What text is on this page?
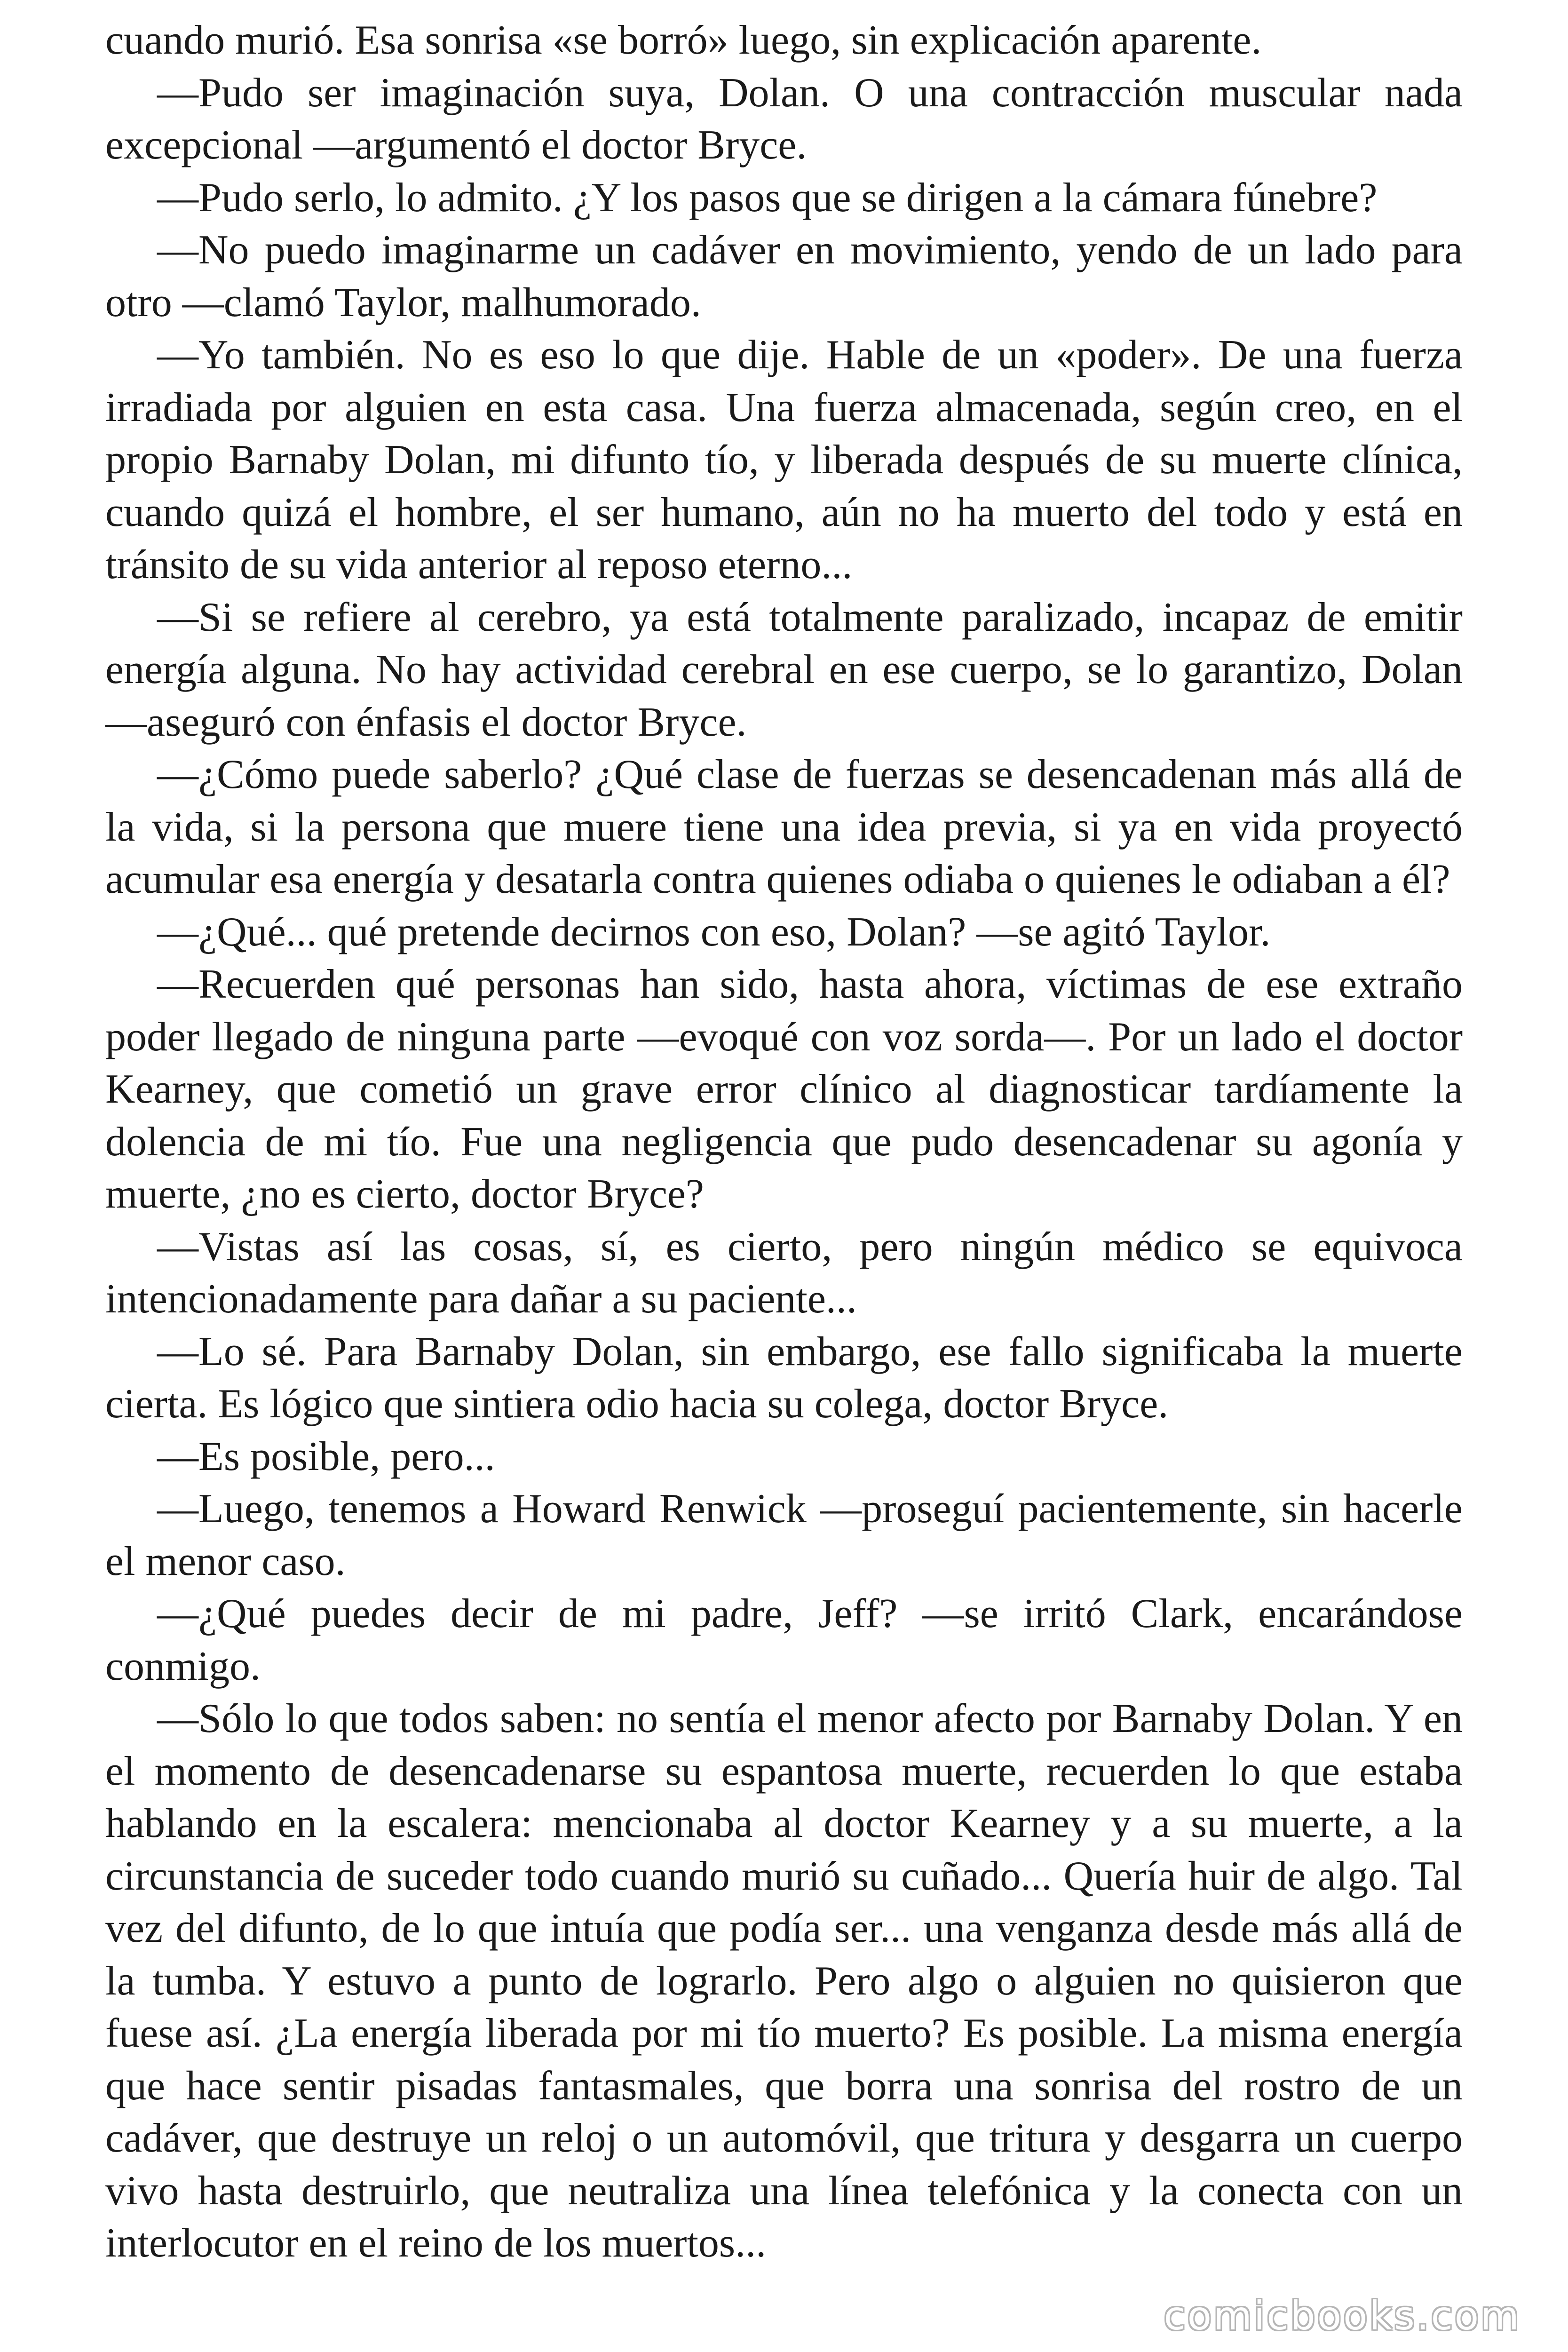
cuando murió. Esa sonrisa «se borró» luego, sin explicación aparente.

—Pudo ser imaginación suya, Dolan. O una contracción muscular nada excepcional —argumentó el doctor Bryce.

—Pudo serlo, lo admito. ¿Y los pasos que se dirigen a la cámara fúnebre?

—No puedo imaginarme un cadáver en movimiento, yendo de un lado para otro —clamó Taylor, malhumorado.

—Yo también. No es eso lo que dije. Hable de un «poder». De una fuerza irradiada por alguien en esta casa. Una fuerza almacenada, según creo, en el propio Barnaby Dolan, mi difunto tío, y liberada después de su muerte clínica, cuando quizá el hombre, el ser humano, aún no ha muerto del todo y está en tránsito de su vida anterior al reposo eterno...

—Si se refiere al cerebro, ya está totalmente paralizado, incapaz de emitir energía alguna. No hay actividad cerebral en ese cuerpo, se lo garantizo, Dolan —aseguró con énfasis el doctor Bryce.

—¿Cómo puede saberlo? ¿Qué clase de fuerzas se desencadenan más allá de la vida, si la persona que muere tiene una idea previa, si ya en vida proyectó acumular esa energía y desatarla contra quienes odiaba o quienes le odiaban a él?

—¿Qué... qué pretende decirnos con eso, Dolan? —se agitó Taylor.

—Recuerden qué personas han sido, hasta ahora, víctimas de ese extraño poder llegado de ninguna parte —evoqué con voz sorda—. Por un lado el doctor Kearney, que cometió un grave error clínico al diagnosticar tardíamente la dolencia de mi tío. Fue una negligencia que pudo desencadenar su agonía y muerte, ¿no es cierto, doctor Bryce?

—Vistas así las cosas, sí, es cierto, pero ningún médico se equivoca intencionadamente para dañar a su paciente...

—Lo sé. Para Barnaby Dolan, sin embargo, ese fallo significaba la muerte cierta. Es lógico que sintiera odio hacia su colega, doctor Bryce.

—Es posible, pero...

—Luego, tenemos a Howard Renwick —proseguí pacientemente, sin hacerle el menor caso.

—¿Qué puedes decir de mi padre, Jeff? —se irritó Clark, encarándose conmigo.

—Sólo lo que todos saben: no sentía el menor afecto por Barnaby Dolan. Y en el momento de desencadenarse su espantosa muerte, recuerden lo que estaba hablando en la escalera: mencionaba al doctor Kearney y a su muerte, a la circunstancia de suceder todo cuando murió su cuñado... Quería huir de algo. Tal vez del difunto, de lo que intuía que podía ser... una venganza desde más allá de la tumba. Y estuvo a punto de lograrlo. Pero algo o alguien no quisieron que fuese así. ¿La energía liberada por mi tío muerto? Es posible. La misma energía que hace sentir pisadas fantasmales, que borra una sonrisa del rostro de un cadáver, que destruye un reloj o un automóvil, que tritura y desgarra un cuerpo vivo hasta destruirlo, que neutraliza una línea telefónica y la conecta con un interlocutor en el reino de los muertos...

comicbooks.com
